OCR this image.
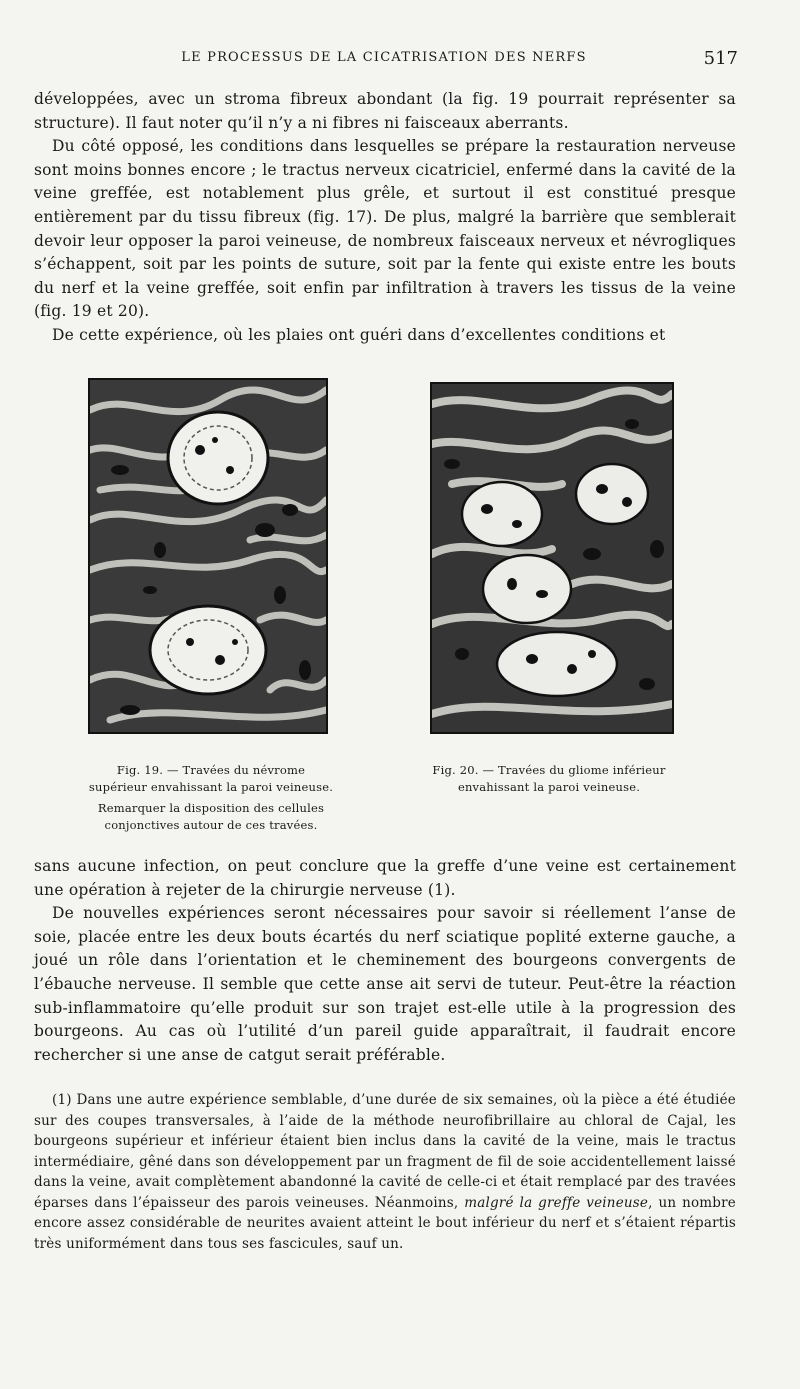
LE PROCESSUS DE LA CICATRISATION DES NERFS	517

développées, avec un stroma fibreux abondant (la fig. 19 pourrait représenter sa structure). Il faut noter qu’il n’y a ni fibres ni faisceaux aberrants.

Du côté opposé, les conditions dans lesquelles se prépare la restauration nerveuse sont moins bonnes encore ; le tractus nerveux cicatriciel, enfermé dans la cavité de la veine greffée, est notablement plus grêle, et surtout il est constitué presque entièrement par du tissu fibreux (fig. 17). De plus, malgré la barrière que semblerait devoir leur opposer la paroi veineuse, de nombreux faisceaux nerveux et névrogliques s’échappent, soit par les points de suture, soit par la fente qui existe entre les bouts du nerf et la veine greffée, soit enfin par infiltration à travers les tissus de la veine (fig. 19 et 20).

De cette expérience, où les plaies ont guéri dans d’excellentes conditions et

Fig. 19. — Travées du névrome supérieur envahissant la paroi veineuse.
Remarquer la disposition des cellules conjonctives autour de ces travées.
Fig. 20. — Travées du gliome inférieur envahissant la paroi veineuse.

sans aucune infection, on peut conclure que la greffe d’une veine est certainement une opération à rejeter de la chirurgie nerveuse (1).

De nouvelles expériences seront nécessaires pour savoir si réellement l’anse de soie, placée entre les deux bouts écartés du nerf sciatique poplité externe gauche, a joué un rôle dans l’orientation et le cheminement des bourgeons convergents de l’ébauche nerveuse. Il semble que cette anse ait servi de tuteur. Peut-être la réaction sub-inflammatoire qu’elle produit sur son trajet est-elle utile à la progression des bourgeons. Au cas où l’utilité d’un pareil guide apparaîtrait, il faudrait encore rechercher si une anse de catgut serait préférable.

(1) Dans une autre expérience semblable, d’une durée de six semaines, où la pièce a été étudiée sur des coupes transversales, à l’aide de la méthode neurofibrillaire au chloral de Cajal, les bourgeons supérieur et inférieur étaient bien inclus dans la cavité de la veine, mais le tractus intermédiaire, gêné dans son développement par un fragment de fil de soie accidentellement laissé dans la veine, avait complètement abandonné la cavité de celle-ci et était remplacé par des travées éparses dans l’épaisseur des parois veineuses. Néanmoins, malgré la greffe veineuse, un nombre encore assez considérable de neurites avaient atteint le bout inférieur du nerf et s’étaient répartis très uniformément dans tous ses fascicules, sauf un.
